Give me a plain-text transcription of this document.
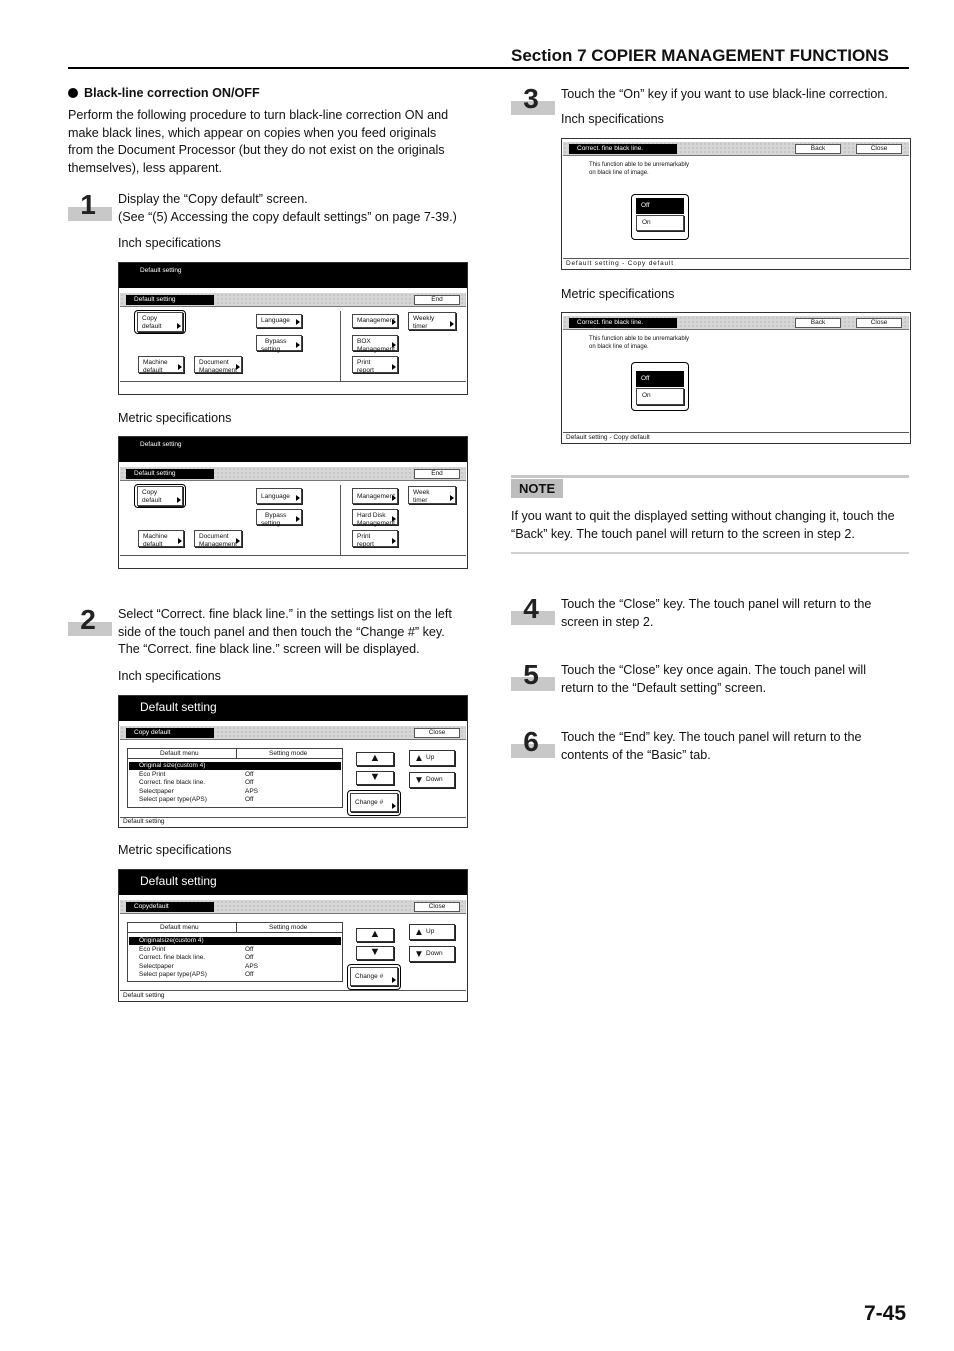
Section 7 COPIER MANAGEMENT FUNCTIONS
Black-line correction ON/OFF
Perform the following procedure to turn black-line correction ON and make black lines, which appear on copies when you feed originals from the Document Processor (but they do not exist on the originals themselves), less apparent.
1	Display the “Copy default” screen.
(See “(5) Accessing the copy default settings” on page 7-39.)
Inch specifications
Default setting
Default setting	End
Copy
default
Language
Bypass
setting
Management	Weekly
timer
BOX
Management
Machine
default
Document
Management
Print
report
Metric specifications
Default setting
Default setting	End
Copy
default
Language
Bypass
setting
Management
Week
timer
Hard Disk
Management
Machine
default
Document
Management
Print
report
2	Select “Correct. fine black line.” in the settings list on the left side of the touch panel and then touch the “Change #” key. The “Correct. fine black line.” screen will be displayed.
Inch specifications
Default setting
Copy default	Close
Default menu	Setting mode
Original size(custom 4)
Eco Print	Off
Correct. fine black line.	Off
Selectpaper	APS
Select paper type(APS)	Off
▲
▼
▲ Up
▼ Down
Change #
Default setting
Metric specifications
Default setting
Copydefault	Close
Default menu	Setting mode
Originalsize(custom 4)
Eco Print	Off
Correct. fine black line.	Off
Selectpaper	APS
Select paper type(APS)	Off
▲
▼
▲ Up
▼ Down
Change #
Default setting
3	Touch the “On” key if you want to use black-line correction.
Inch specifications
Correct. fine black line.	Back	Close
This function able to be unremarkably
on black line of image.
Off
On
Default setting - Copy default
Metric specifications
Correct. fine black line.	Back	Close
This function able to be unremarkably
on black line of image.
Off
On
Default setting - Copy default
NOTE
If you want to quit the displayed setting without changing it, touch the “Back” key. The touch panel will return to the screen in step 2.
4	Touch the “Close” key. The touch panel will return to the screen in step 2.
5	Touch the “Close” key once again. The touch panel will return to the “Default setting” screen.
6	Touch the “End” key. The touch panel will return to the contents of the “Basic” tab.
7-45
